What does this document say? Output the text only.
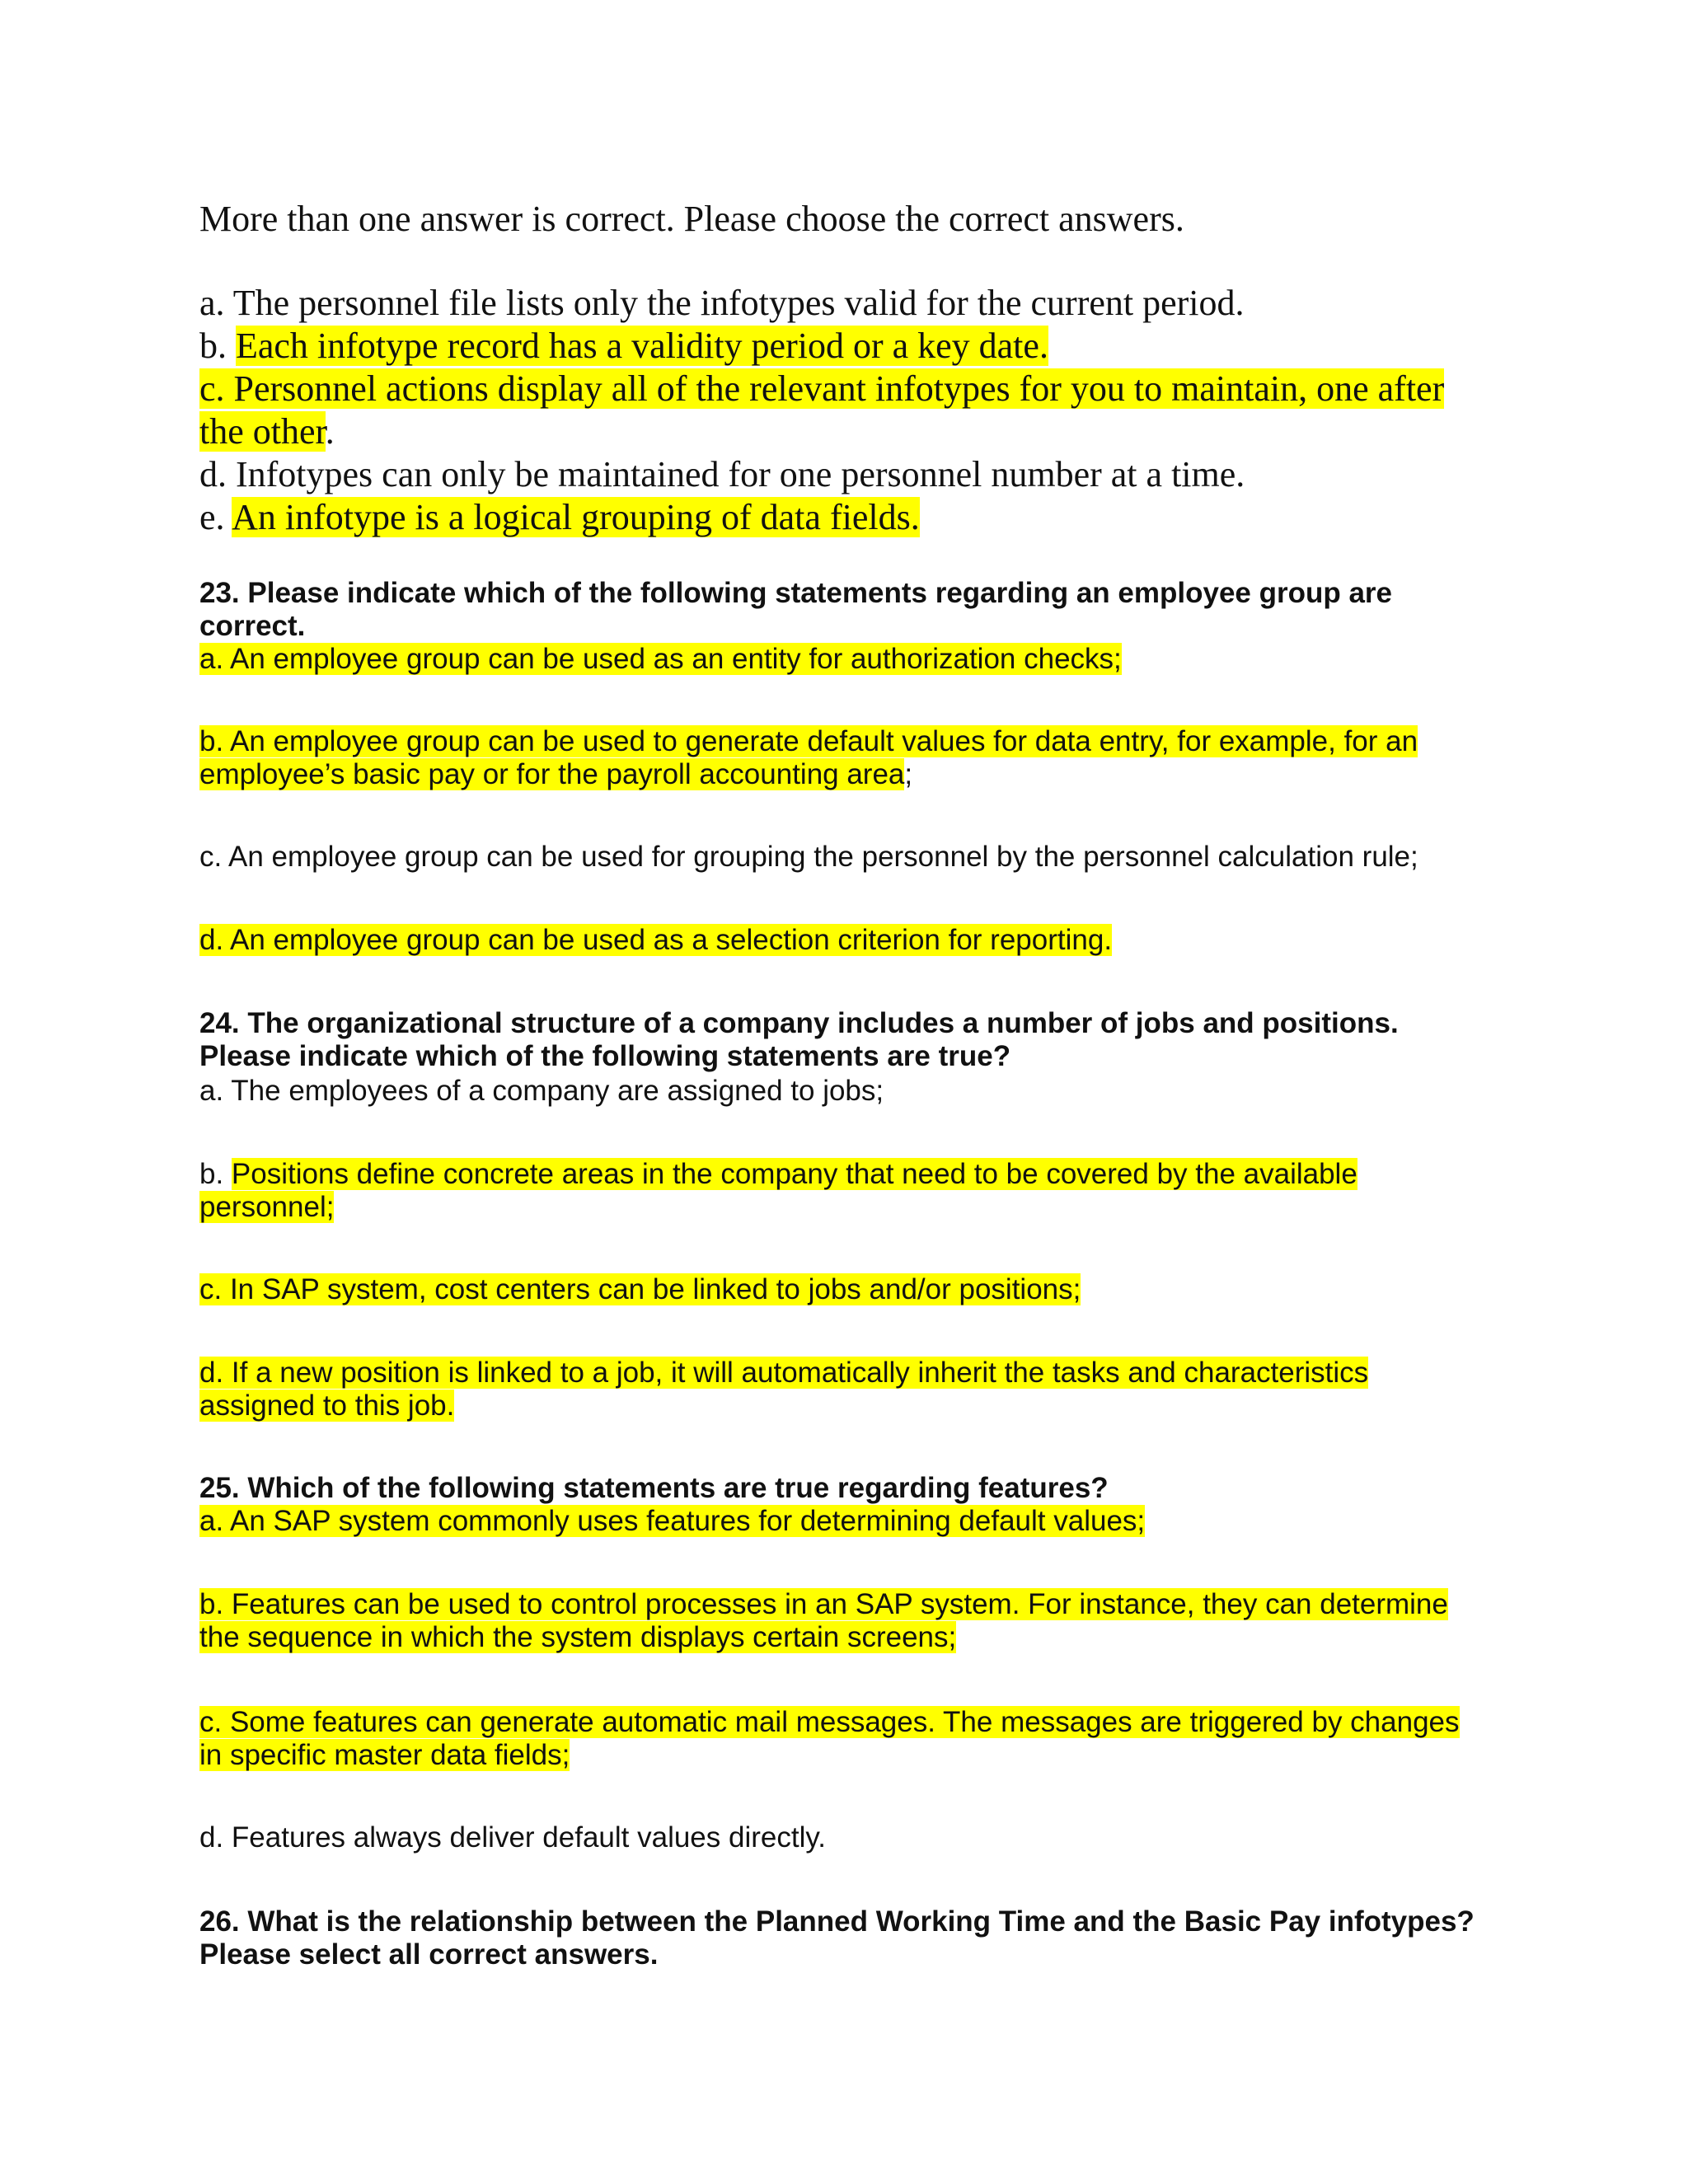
More than one answer is correct. Please choose the correct answers.

a. The personnel file lists only the infotypes valid for the current period.

b. Each infotype record has a validity period or a key date.

c. Personnel actions display all of the relevant infotypes for you to maintain, one after
the other.

d. Infotypes can only be maintained for one personnel number at a time.

e. An infotype is a logical grouping of data fields.

23. Please indicate which of the following statements regarding an employee group are
correct.

a. An employee group can be used as an entity for authorization checks;

b. An employee group can be used to generate default values for data entry, for example, for an
employee’s basic pay or for the payroll accounting area;

c. An employee group can be used for grouping the personnel by the personnel calculation rule;

d. An employee group can be used as a selection criterion for reporting.

24. The organizational structure of a company includes a number of jobs and positions.
Please indicate which of the following statements are true?

a. The employees of a company are assigned to jobs;

b. Positions define concrete areas in the company that need to be covered by the available
personnel;

c. In SAP system, cost centers can be linked to jobs and/or positions;

d. If a new position is linked to a job, it will automatically inherit the tasks and characteristics
assigned to this job.

25. Which of the following statements are true regarding features?

a. An SAP system commonly uses features for determining default values;

b. Features can be used to control processes in an SAP system. For instance, they can determine
the sequence in which the system displays certain screens;

c. Some features can generate automatic mail messages. The messages are triggered by changes
in specific master data fields;

d. Features always deliver default values directly.

26. What is the relationship between the Planned Working Time and the Basic Pay infotypes?
Please select all correct answers.
